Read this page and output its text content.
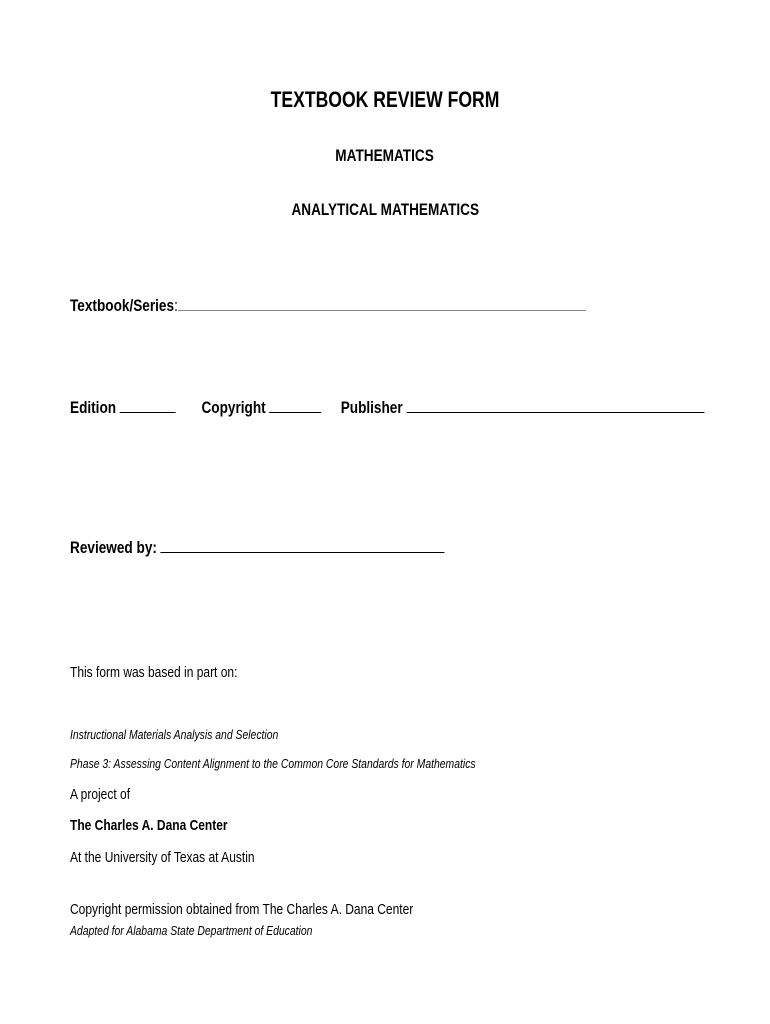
TEXTBOOK REVIEW FORM
MATHEMATICS
ANALYTICAL MATHEMATICS
Textbook/Series:
Edition	Copyright	Publisher
Reviewed by:
This form was based in part on:
Instructional Materials Analysis and Selection
Phase 3: Assessing Content Alignment to the Common Core Standards for Mathematics
A project of
The Charles A. Dana Center
At the University of Texas at Austin
Copyright permission obtained from The Charles A. Dana Center
Adapted for Alabama State Department of Education
